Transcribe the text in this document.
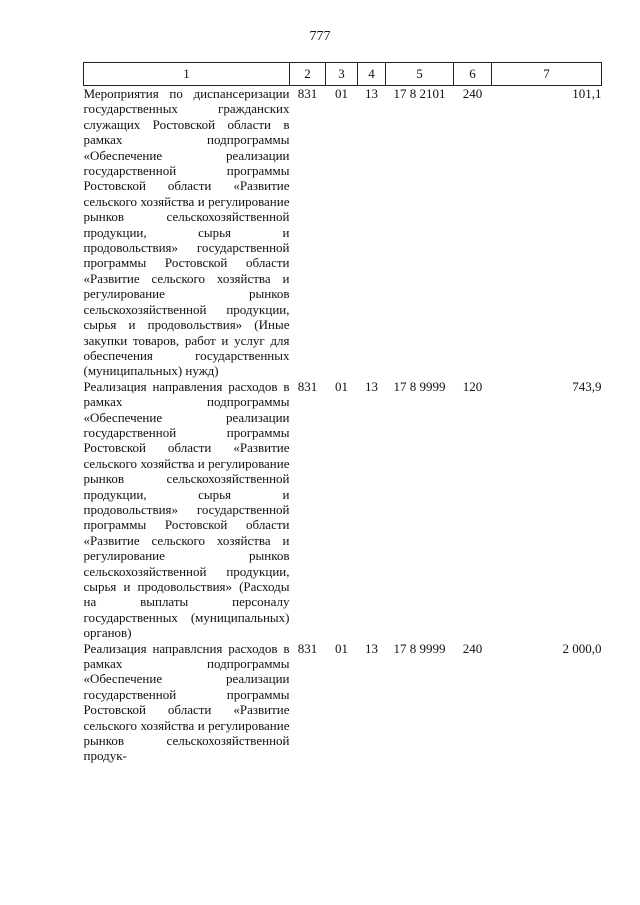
777
1	2	3	4	5	6	7
Мероприятия по диспансеризации государственных гражданских служащих Ростовской области в рамках подпрограммы «Обеспечение реализации государственной программы Ростовской области «Развитие сельского хозяйства и регулирование рынков сельскохозяйственной продукции, сырья и продовольствия» государственной программы Ростовской области «Развитие сельского хозяйства и регулирование рынков сельскохозяйственной продукции, сырья и продовольствия» (Иные закупки товаров, работ и услуг для обеспечения государственных (муниципальных) нужд)	831	01	13	17 8 2101	240	101,1
Реализация направления расходов в рамках подпрограммы «Обеспечение реализации государственной программы Ростовской области «Развитие сельского хозяйства и регулирование рынков сельскохозяйственной продукции, сырья и продовольствия» государственной программы Ростовской области «Развитие сельского хозяйства и регулирование рынков сельскохозяйственной продукции, сырья и продовольствия» (Расходы на выплаты персоналу государственных (муниципальных) органов)	831	01	13	17 8 9999	120	743,9
Реализация направлсния расходов в рамках подпрограммы «Обеспечение реализации государственной программы Ростовской области «Развитие сельского хозяйства и регулирование рынков сельскохозяйственной продук-	831	01	13	17 8 9999	240	2 000,0
